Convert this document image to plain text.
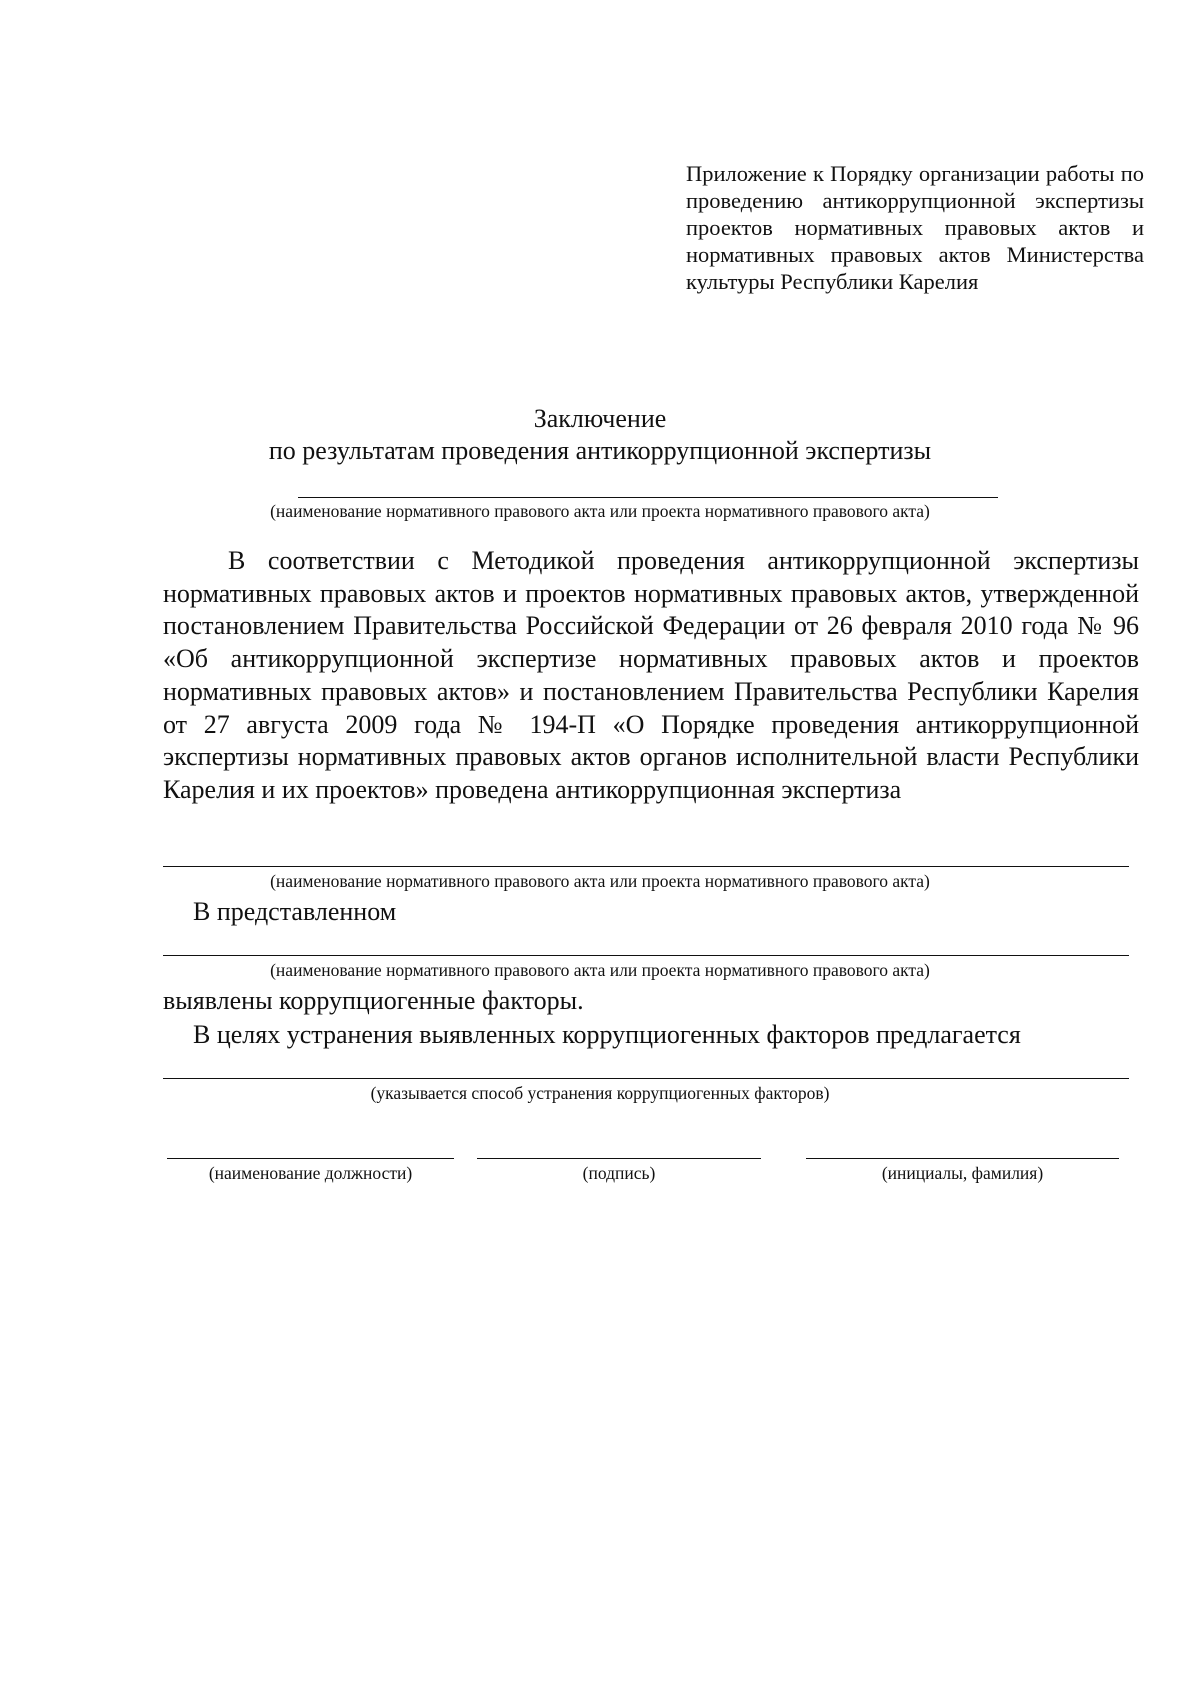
Приложение к Порядку организации работы по проведению антикоррупционной экспертизы проектов нормативных правовых актов и нормативных правовых актов Министерства культуры Республики Карелия
Заключение
по результатам проведения антикоррупционной экспертизы
(наименование нормативного правового акта или проекта нормативного правового акта)

В соответствии с Методикой проведения антикоррупционной экспертизы нормативных правовых актов и проектов нормативных правовых актов, утвержденной постановлением Правительства Российской Федерации от 26 февраля 2010 года № 96 «Об антикоррупционной экспертизе нормативных правовых актов и проектов нормативных правовых актов» и постановлением Правительства Республики Карелия от 27 августа 2009 года № 194-П «О Порядке проведения антикоррупционной экспертизы нормативных правовых актов органов исполнительной власти Республики Карелия и их проектов» проведена антикоррупционная экспертиза

(наименование нормативного правового акта или проекта нормативного правового акта)
В представленном
(наименование нормативного правового акта или проекта нормативного правового акта)
выявлены коррупциогенные факторы.
В целях устранения выявленных коррупциогенных факторов предлагается
(указывается способ устранения коррупциогенных факторов)
(наименование должности)	(подпись)	(инициалы, фамилия)
